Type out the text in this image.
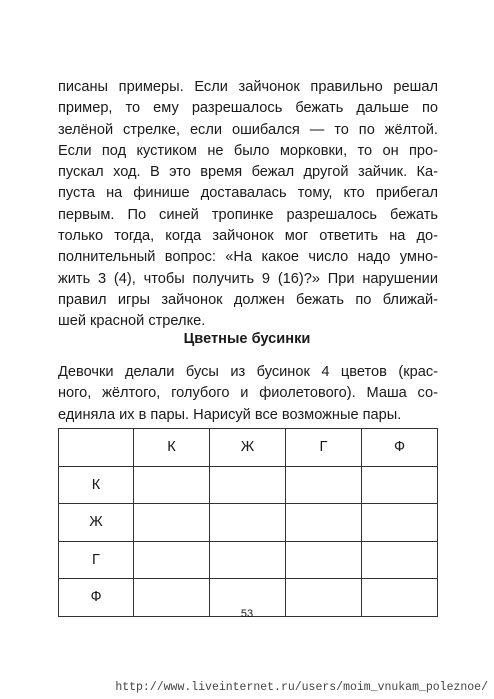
писаны примеры. Если зайчонок правильно решал
пример, то ему разрешалось бежать дальше по
зелёной стрелке, если ошибался — то по жёлтой.
Если под кустиком не было морковки, то он про-
пускал ход. В это время бежал другой зайчик. Ка-
пуста на финише доставалась тому, кто прибегал
первым. По синей тропинке разрешалось бежать
только тогда, когда зайчонок мог ответить на до-
полнительный вопрос: «На какое число надо умно-
жить 3 (4), чтобы получить 9 (16)?» При нарушении
правил игры зайчонок должен бежать по ближай-
шей красной стрелке.

Цветные бусинки

Девочки делали бусы из бусинок 4 цветов (крас-
ного, жёлтого, голубого и фиолетового). Маша со-
единяла их в пары. Нарисуй все возможные пары.

	К	Ж	Г	Ф
К				
Ж				
Г				
Ф				

53

http://www.liveinternet.ru/users/moim_vnukam_poleznoe/
